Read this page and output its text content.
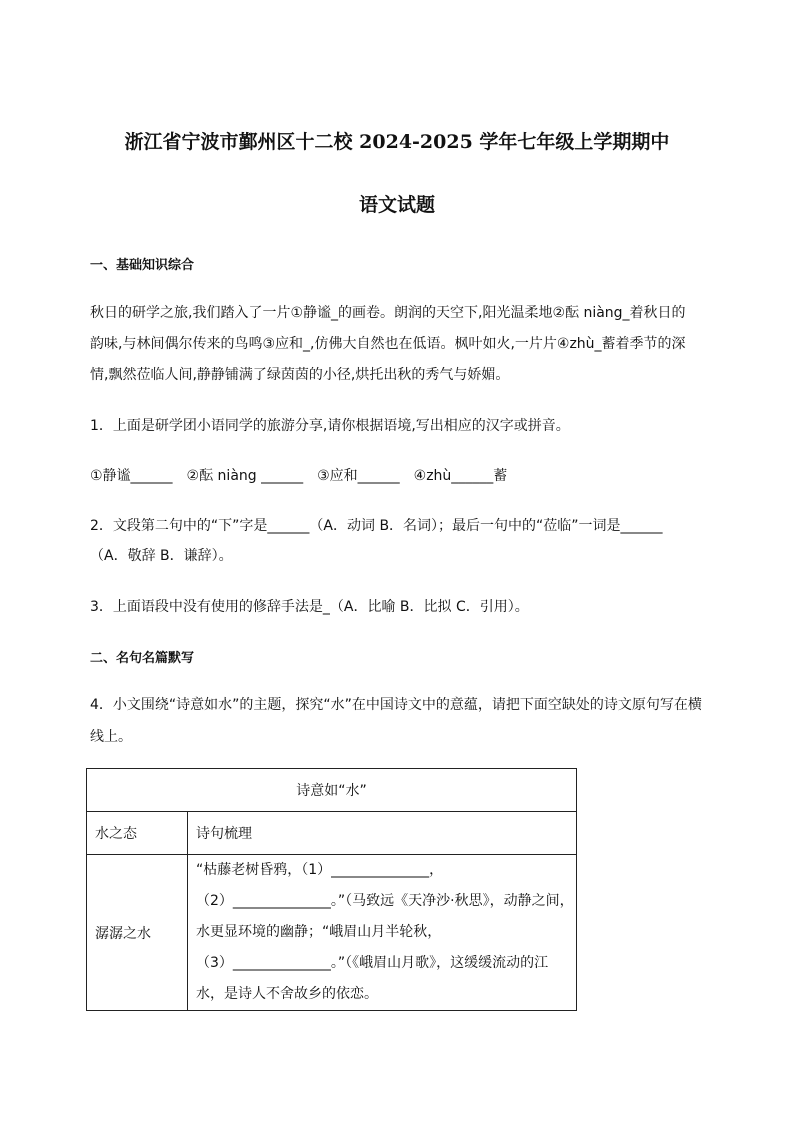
浙江省宁波市鄞州区十二校 2024-2025 学年七年级上学期期中
语文试题
一、基础知识综合
秋日的研学之旅,我们踏入了一片①静谧_的画卷。朗润的天空下,阳光温柔地②酝 niàng_着秋日的
韵味,与林间偶尔传来的鸟鸣③应和_,仿佛大自然也在低语。枫叶如火,一片片④zhù_蓄着季节的深
情,飘然莅临人间,静静铺满了绿茵茵的小径,烘托出秋的秀气与娇媚。
1．上面是研学团小语同学的旅游分享,请你根据语境,写出相应的汉字或拼音。
①静谧______　②酝 niàng ______　③应和______　④zhù______蓄
2．文段第二句中的“下”字是______（A．动词 B．名词）；最后一句中的“莅临”一词是______
（A．敬辞 B．谦辞）。
3．上面语段中没有使用的修辞手法是_（A．比喻 B．比拟 C．引用）。
二、名句名篇默写
4．小文围绕“诗意如水”的主题，探究“水”在中国诗文中的意蕴，请把下面空缺处的诗文原句写在横
线上。
诗意如“水”	
水之态	诗句梳理
潺潺之水	“枯藤老树昏鸦，（1）______________，
（2）______________。”（马致远《天净沙·秋思》，动静之间，
水更显环境的幽静；“峨眉山月半轮秋，
（3）______________。”（《峨眉山月歌》，这缓缓流动的江
水，是诗人不舍故乡的依恋。
